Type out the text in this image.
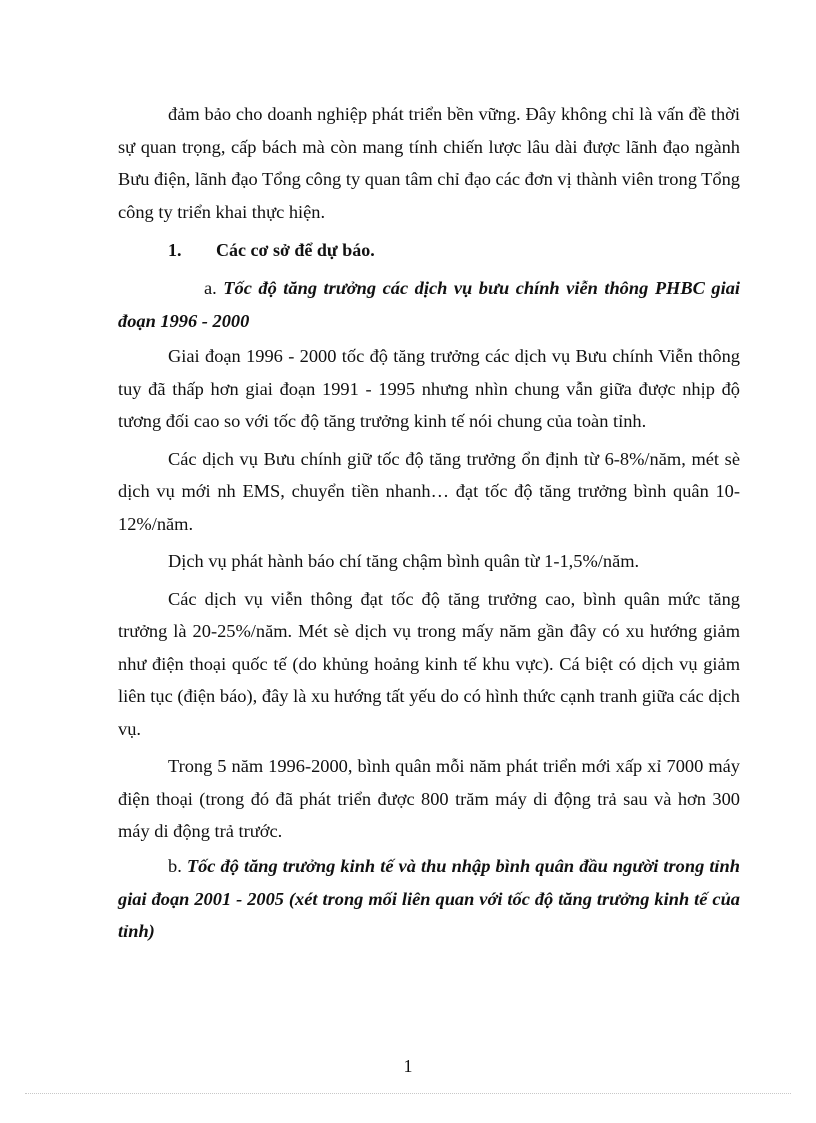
đảm bảo cho doanh nghiệp phát triển bền vững. Đây không chỉ là vấn đề thời sự quan trọng, cấp bách mà còn mang tính chiến lược lâu dài được lãnh đạo ngành Bưu điện, lãnh đạo Tổng công ty quan tâm chỉ đạo các đơn vị thành viên trong Tổng công ty triển khai thực hiện.

1. Các cơ sở để dự báo.
a. Tốc độ tăng trưởng các dịch vụ bưu chính viễn thông PHBC giai đoạn 1996 - 2000

Giai đoạn 1996 - 2000 tốc độ tăng trưởng các dịch vụ Bưu chính Viễn thông tuy đã thấp hơn giai đoạn 1991 - 1995 nhưng nhìn chung vẫn giữa được nhịp độ tương đối cao so với tốc độ tăng trưởng kinh tế nói chung của toàn tỉnh.

Các dịch vụ Bưu chính giữ tốc độ tăng trưởng ổn định từ 6-8%/năm, mét sè dịch vụ mới nh EMS, chuyển tiền nhanh… đạt tốc độ tăng trưởng bình quân 10-12%/năm.

Dịch vụ phát hành báo chí tăng chậm bình quân từ 1-1,5%/năm.

Các dịch vụ viễn thông đạt tốc độ tăng trưởng cao, bình quân mức tăng trưởng là 20-25%/năm. Mét sè dịch vụ trong mấy năm gần đây có xu hướng giảm như điện thoại quốc tế (do khủng hoảng kinh tế khu vực). Cá biệt có dịch vụ giảm liên tục (điện báo), đây là xu hướng tất yếu do có hình thức cạnh tranh giữa các dịch vụ.

Trong 5 năm 1996-2000, bình quân mỗi năm phát triển mới xấp xỉ 7000 máy điện thoại (trong đó đã phát triển được 800 trăm máy di động trả sau và hơn 300 máy di động trả trước.

b. Tốc độ tăng trưởng kinh tế và thu nhập bình quân đầu người trong tỉnh giai đoạn 2001 - 2005 (xét trong mối liên quan với tốc độ tăng trưởng kinh tế của tỉnh)
1
